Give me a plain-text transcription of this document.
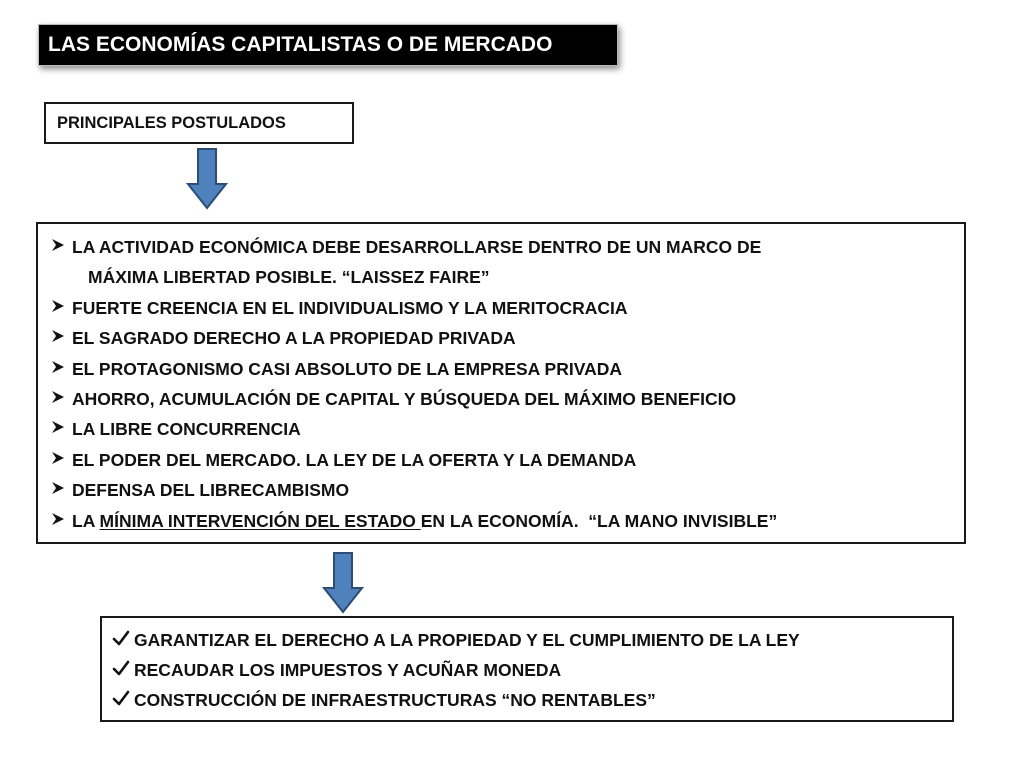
LAS ECONOMÍAS CAPITALISTAS O DE MERCADO
PRINCIPALES POSTULADOS
LA ACTIVIDAD ECONÓMICA DEBE DESARROLLARSE DENTRO DE UN MARCO DE
MÁXIMA LIBERTAD POSIBLE. “LAISSEZ FAIRE”
FUERTE CREENCIA EN EL INDIVIDUALISMO Y LA MERITOCRACIA
EL SAGRADO DERECHO A LA PROPIEDAD PRIVADA
EL PROTAGONISMO CASI ABSOLUTO DE LA EMPRESA PRIVADA
AHORRO, ACUMULACIÓN DE CAPITAL Y BÚSQUEDA DEL MÁXIMO BENEFICIO
LA LIBRE CONCURRENCIA
EL PODER DEL MERCADO. LA LEY DE LA OFERTA Y LA DEMANDA
DEFENSA DEL LIBRECAMBISMO
LA MÍNIMA INTERVENCIÓN DEL ESTADO EN LA ECONOMÍA.  “LA MANO INVISIBLE”
GARANTIZAR EL DERECHO A LA PROPIEDAD Y EL CUMPLIMIENTO DE LA LEY
RECAUDAR LOS IMPUESTOS Y ACUÑAR MONEDA
CONSTRUCCIÓN DE INFRAESTRUCTURAS “NO RENTABLES”
